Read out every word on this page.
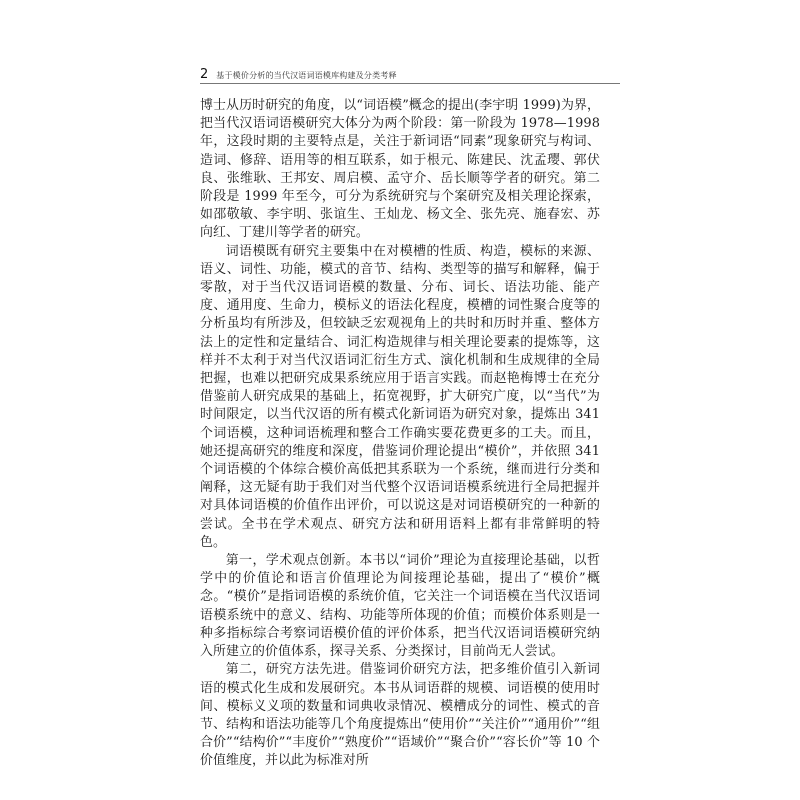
2 基于模价分析的当代汉语词语模库构建及分类考释

博士从历时研究的角度，以“词语模”概念的提出(李宇明 1999)为界，把当代汉语词语模研究大体分为两个阶段：第一阶段为 1978—1998 年，这段时期的主要特点是，关注于新词语“同素”现象研究与构词、造词、修辞、语用等的相互联系，如于根元、陈建民、沈孟璎、郭伏良、张维耿、王邦安、周启模、孟守介、岳长顺等学者的研究。第二阶段是 1999 年至今，可分为系统研究与个案研究及相关理论探索，如邵敬敏、李宇明、张谊生、王灿龙、杨文全、张先亮、施春宏、苏向红、丁建川等学者的研究。

词语模既有研究主要集中在对模槽的性质、构造，模标的来源、语义、词性、功能，模式的音节、结构、类型等的描写和解释，偏于零散，对于当代汉语词语模的数量、分布、词长、语法功能、能产度、通用度、生命力，模标义的语法化程度，模槽的词性聚合度等的分析虽均有所涉及，但较缺乏宏观视角上的共时和历时并重、整体方法上的定性和定量结合、词汇构造规律与相关理论要素的提炼等，这样并不太利于对当代汉语词汇衍生方式、演化机制和生成规律的全局把握，也难以把研究成果系统应用于语言实践。而赵艳梅博士在充分借鉴前人研究成果的基础上，拓宽视野，扩大研究广度，以“当代”为时间限定，以当代汉语的所有模式化新词语为研究对象，提炼出 341 个词语模，这种词语梳理和整合工作确实要花费更多的工夫。而且，她还提高研究的维度和深度，借鉴词价理论提出“模价”，并依照 341 个词语模的个体综合模价高低把其系联为一个系统，继而进行分类和阐释，这无疑有助于我们对当代整个汉语词语模系统进行全局把握并对具体词语模的价值作出评价，可以说这是对词语模研究的一种新的尝试。全书在学术观点、研究方法和研用语料上都有非常鲜明的特色。

第一，学术观点创新。本书以“词价”理论为直接理论基础，以哲学中的价值论和语言价值理论为间接理论基础，提出了“模价”概念。“模价”是指词语模的系统价值，它关注一个词语模在当代汉语词语模系统中的意义、结构、功能等所体现的价值；而模价体系则是一种多指标综合考察词语模价值的评价体系，把当代汉语词语模研究纳入所建立的价值体系，探寻关系、分类探讨，目前尚无人尝试。

第二，研究方法先进。借鉴词价研究方法，把多维价值引入新词语的模式化生成和发展研究。本书从词语群的规模、词语模的使用时间、模标义义项的数量和词典收录情况、模槽成分的词性、模式的音节、结构和语法功能等几个角度提炼出“使用价”“关注价”“通用价”“组合价”“结构价”“丰度价”“熟度价”“语域价”“聚合价”“容长价”等 10 个价值维度，并以此为标准对所
